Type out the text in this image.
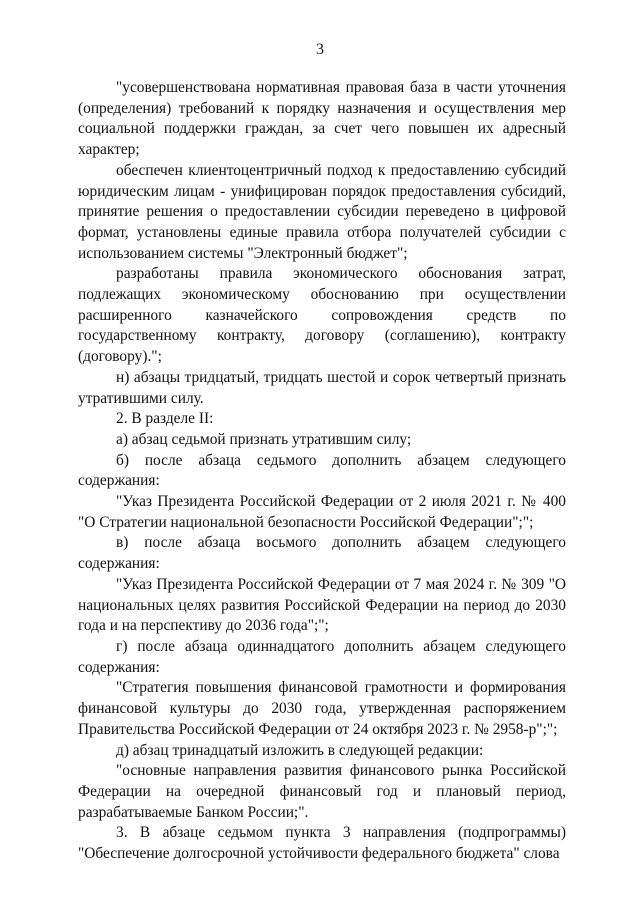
3

"усовершенствована нормативная правовая база в части уточнения (определения) требований к порядку назначения и осуществления мер социальной поддержки граждан, за счет чего повышен их адресный характер;

обеспечен клиентоцентричный подход к предоставлению субсидий юридическим лицам - унифицирован порядок предоставления субсидий, принятие решения о предоставлении субсидии переведено в цифровой формат, установлены единые правила отбора получателей субсидии с использованием системы "Электронный бюджет";

разработаны правила экономического обоснования затрат, подлежащих экономическому обоснованию при осуществлении расширенного казначейского сопровождения средств по государственному контракту, договору (соглашению), контракту (договору).";

н) абзацы тридцатый, тридцать шестой и сорок четвертый признать утратившими силу.

2. В разделе II:

а) абзац седьмой признать утратившим силу;

б) после абзаца седьмого дополнить абзацем следующего

содержания:

"Указ Президента Российской Федерации от 2 июля 2021 г. № 400 "О Стратегии национальной безопасности Российской Федерации";";

в) после абзаца восьмого дополнить абзацем следующего

содержания:

"Указ Президента Российской Федерации от 7 мая 2024 г. № 309 "О национальных целях развития Российской Федерации на период до 2030 года и на перспективу до 2036 года";";

г) после абзаца одиннадцатого дополнить абзацем следующего содержания:

"Стратегия повышения финансовой грамотности и формирования финансовой культуры до 2030 года, утвержденная распоряжением Правительства Российской Федерации от 24 октября 2023 г. № 2958-р";";

д) абзац тринадцатый изложить в следующей редакции:

"основные направления развития финансового рынка Российской Федерации на очередной финансовый год и плановый период, разрабатываемые Банком России;".

3. В абзаце седьмом пункта 3 направления (подпрограммы) "Обеспечение долгосрочной устойчивости федерального бюджета" слова
